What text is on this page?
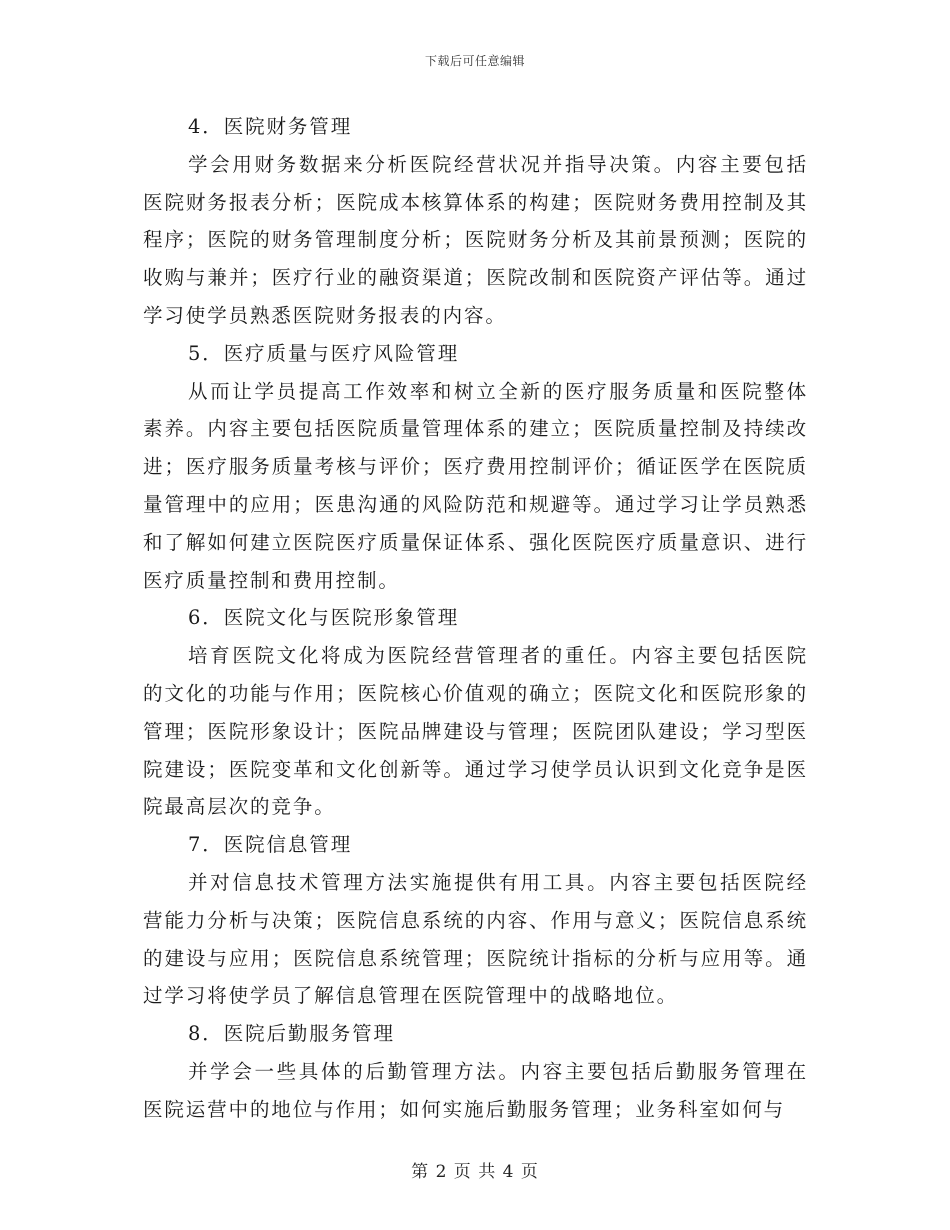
下载后可任意编辑

4．医院财务管理

学会用财务数据来分析医院经营状况并指导决策。内容主要包括医院财务报表分析；医院成本核算体系的构建；医院财务费用控制及其程序；医院的财务管理制度分析；医院财务分析及其前景预测；医院的收购与兼并；医疗行业的融资渠道；医院改制和医院资产评估等。通过学习使学员熟悉医院财务报表的内容。

5．医疗质量与医疗风险管理

从而让学员提高工作效率和树立全新的医疗服务质量和医院整体素养。内容主要包括医院质量管理体系的建立；医院质量控制及持续改进；医疗服务质量考核与评价；医疗费用控制评价；循证医学在医院质量管理中的应用；医患沟通的风险防范和规避等。通过学习让学员熟悉和了解如何建立医院医疗质量保证体系、强化医院医疗质量意识、进行医疗质量控制和费用控制。

6．医院文化与医院形象管理

培育医院文化将成为医院经营管理者的重任。内容主要包括医院的文化的功能与作用；医院核心价值观的确立；医院文化和医院形象的管理；医院形象设计；医院品牌建设与管理；医院团队建设；学习型医院建设；医院变革和文化创新等。通过学习使学员认识到文化竞争是医院最高层次的竞争。

7．医院信息管理

并对信息技术管理方法实施提供有用工具。内容主要包括医院经营能力分析与决策；医院信息系统的内容、作用与意义；医院信息系统的建设与应用；医院信息系统管理；医院统计指标的分析与应用等。通过学习将使学员了解信息管理在医院管理中的战略地位。

8．医院后勤服务管理

并学会一些具体的后勤管理方法。内容主要包括后勤服务管理在医院运营中的地位与作用；如何实施后勤服务管理；业务科室如何与

第 2 页 共 4 页
